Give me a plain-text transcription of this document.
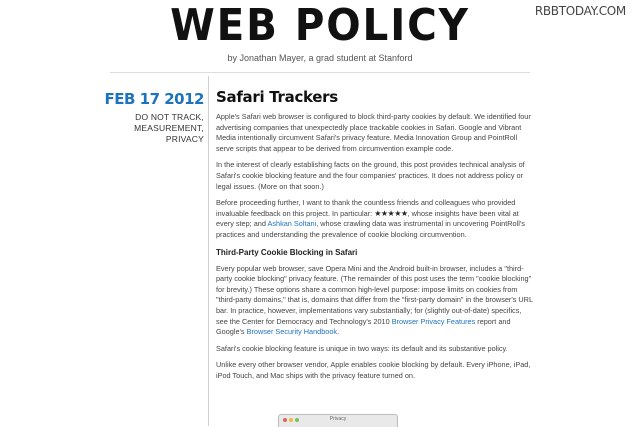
WEB POLICY	RBBTODAY.COM
by Jonathan Mayer, a grad student at Stanford
FEB 17 2012
DO NOT TRACK,
MEASUREMENT,
PRIVACY
Safari Trackers

Apple's Safari web browser is configured to block third-party cookies by default. We identified four advertising companies that unexpectedly place trackable cookies in Safari. Google and Vibrant Media intentionally circumvent Safari's privacy feature. Media Innovation Group and PointRoll serve scripts that appear to be derived from circumvention example code.

In the interest of clearly establishing facts on the ground, this post provides technical analysis of Safari's cookie blocking feature and the four companies' practices. It does not address policy or legal issues. (More on that soon.)

Before proceeding further, I want to thank the countless friends and colleagues who provided invaluable feedback on this project. In particular: ★★★★★, whose insights have been vital at every step; and Ashkan Soltani, whose crawling data was instrumental in uncovering PointRoll's practices and understanding the prevalence of cookie blocking circumvention.

Third-Party Cookie Blocking in Safari

Every popular web browser, save Opera Mini and the Android built-in browser, includes a "third-party cookie blocking" privacy feature. (The remainder of this post uses the term "cookie blocking" for brevity.) These options share a common high-level purpose: impose limits on cookies from "third-party domains," that is, domains that differ from the "first-party domain" in the browser's URL bar. In practice, however, implementations vary substantially; for (slightly out-of-date) specifics, see the Center for Democracy and Technology's 2010 Browser Privacy Features report and Google's Browser Security Handbook.

Safari's cookie blocking feature is unique in two ways: its default and its substantive policy.

Unlike every other browser vendor, Apple enables cookie blocking by default. Every iPhone, iPad, iPod Touch, and Mac ships with the privacy feature turned on.

Privacy
